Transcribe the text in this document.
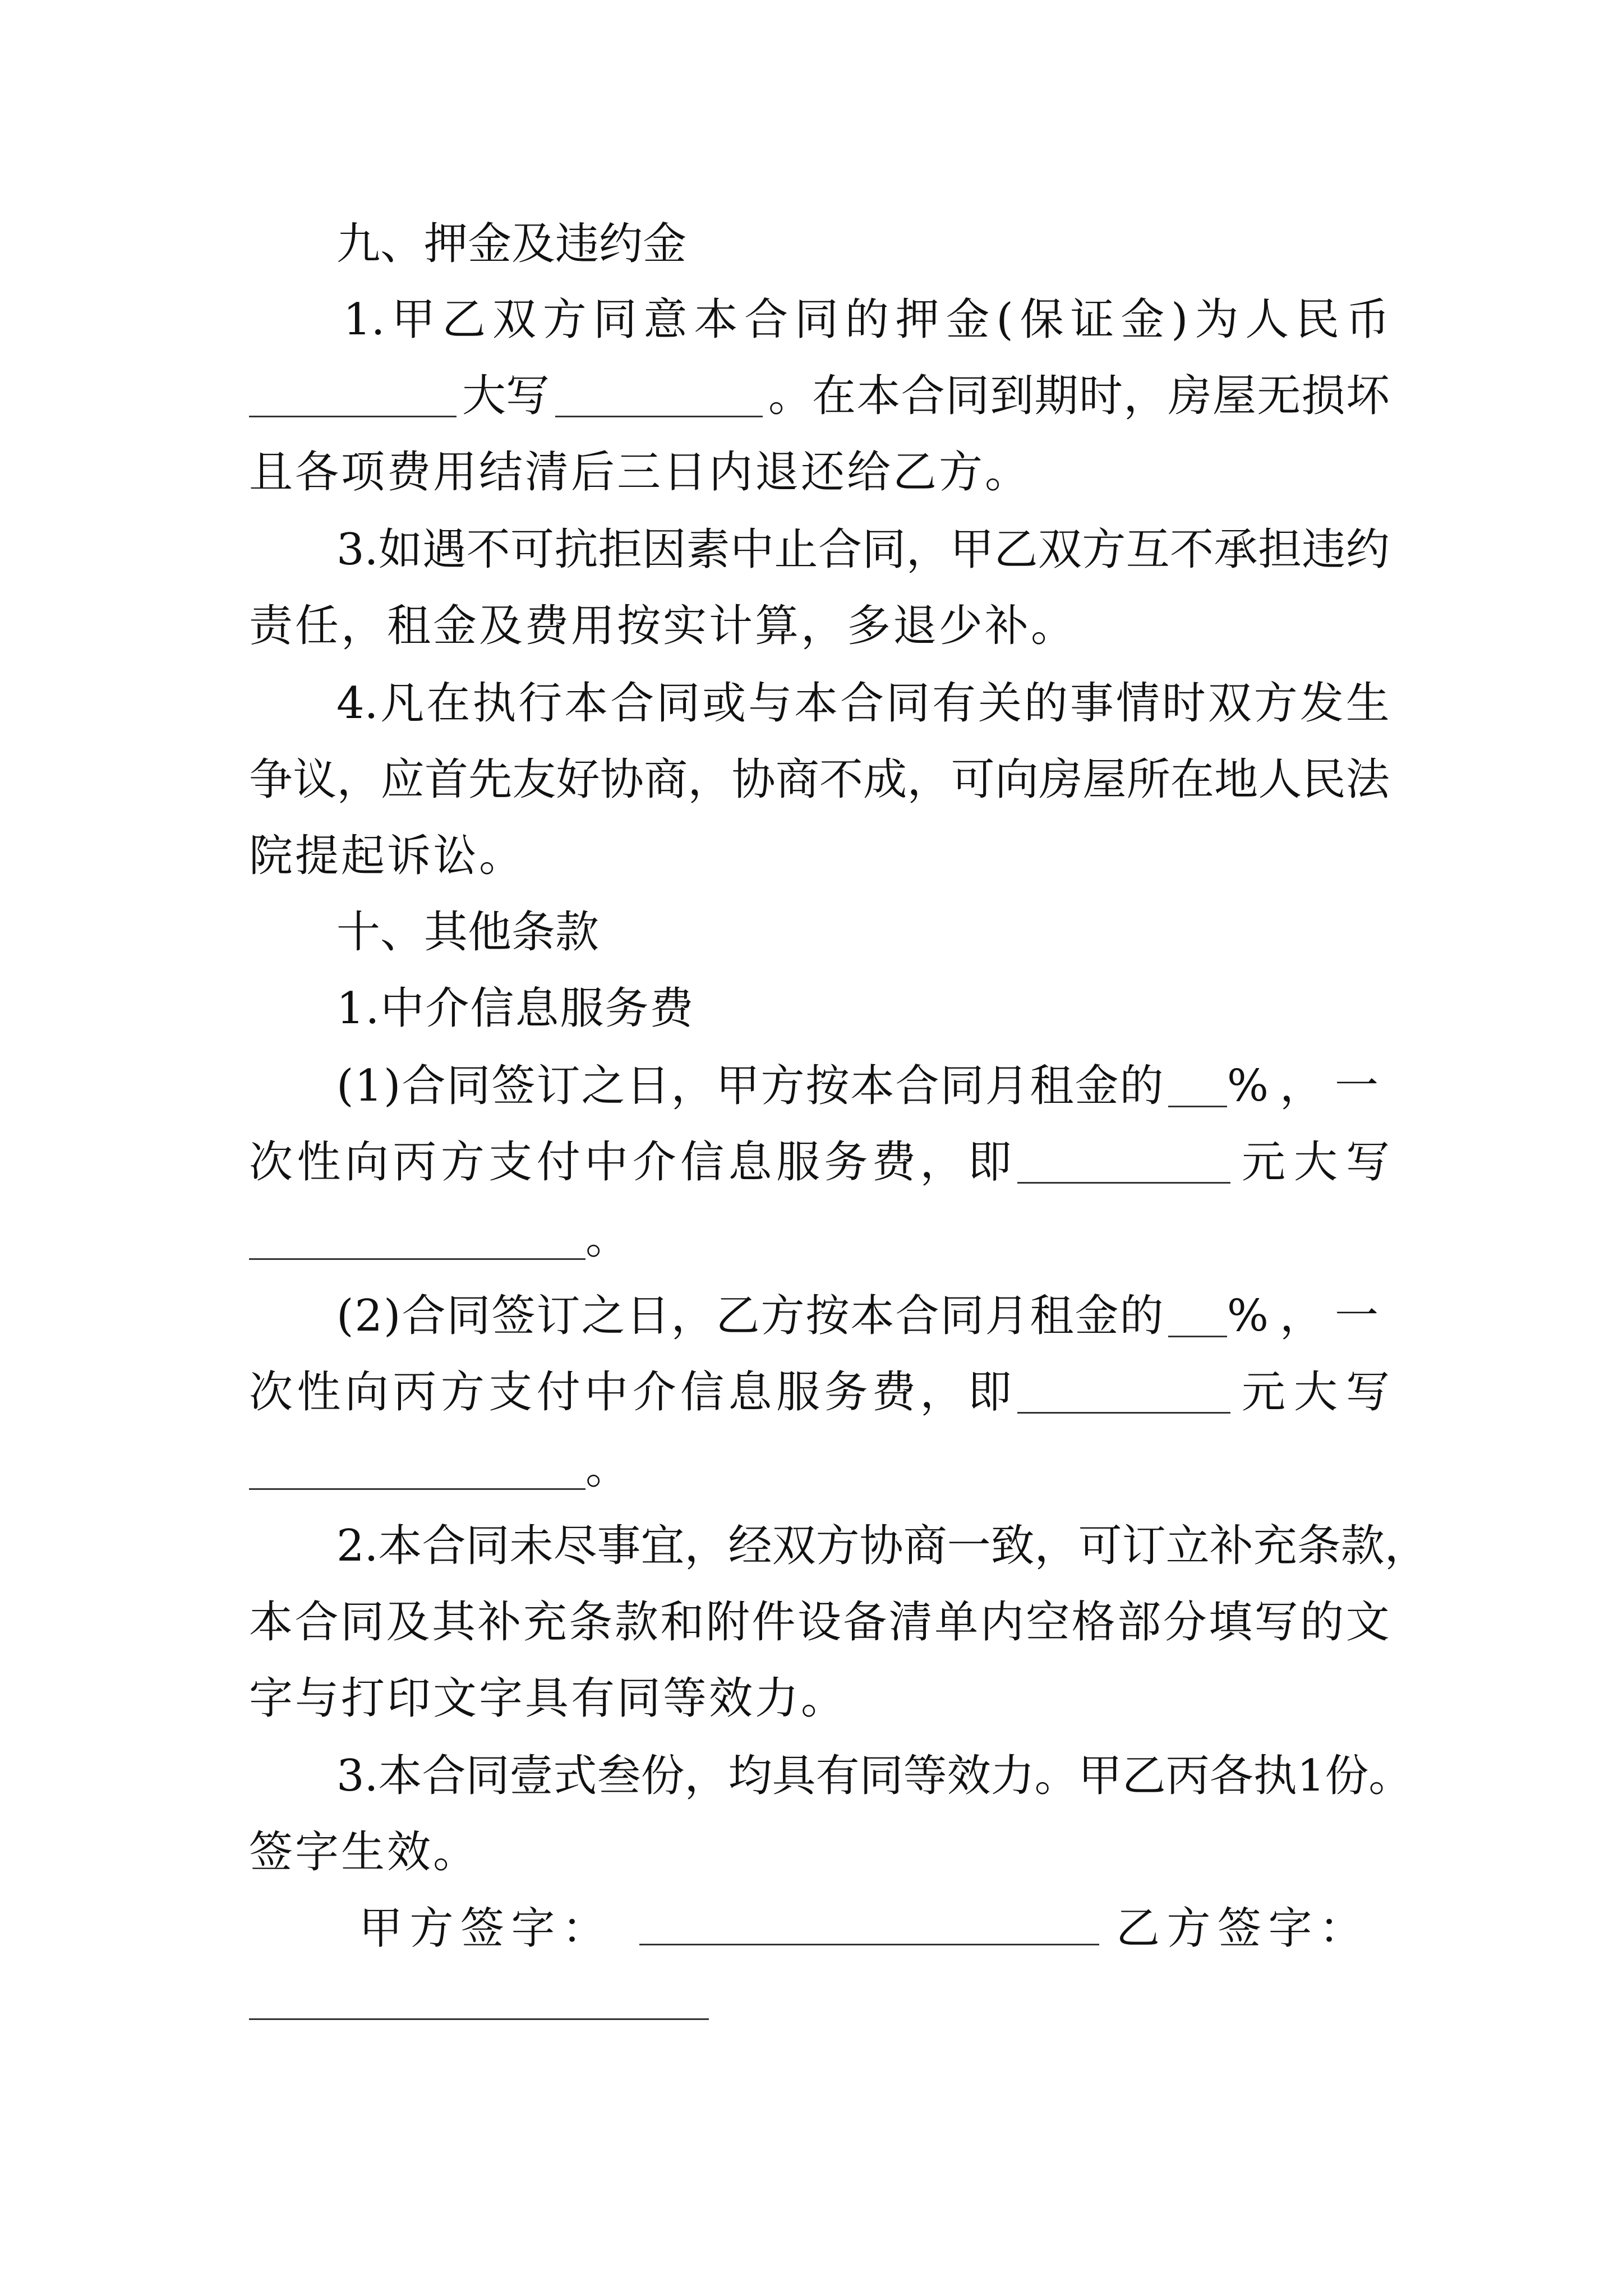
九、押金及违约金
1. 甲 乙 双 方 同 意 本 合 同 的 押 金 ( 保 证 金 ) 为 人 民 币
大写	。在 本 合 同 到 期 时 ， 房 屋 无 损 坏
且各项费用结清后三日内退还给乙方。
3. 如 遇 不 可 抗 拒 因 素 中 止 合 同 ， 甲 乙 双 方 互 不 承 担 违 约
责任，租金及费用按实计算，多退少补。
4. 凡 在 执 行 本 合 同 或 与 本 合 同 有 关 的 事 情 时 双 方 发 生
争 议 ， 应 首 先 友 好 协 商 ， 协 商 不 成 ， 可 向 房 屋 所 在 地 人 民 法
院提起诉讼。
十、其他条款
1.中介信息服务费
(1)合同签订之日，甲方按本合同月租金的 %，一
次 性 向 丙 方 支 付 中 介 信 息 服 务 费 ， 即	元 大 写
。
(2)合同签订之日，乙方按本合同月租金的 %，一
次 性 向 丙 方 支 付 中 介 信 息 服 务 费 ， 即	元 大 写
。
2. 本 合 同 未 尽 事 宜 ， 经 双 方 协 商 一 致 ， 可 订 立 补 充 条 款 ，
本 合 同 及 其 补 充 条 款 和 附 件 设 备 清 单 内 空 格 部 分 填 写 的 文
字与打印文字具有同等效力。
3. 本 合 同 壹 式 叁 份 ， 均 具 有 同 等 效 力 。 甲 乙 丙 各 执 1 份 。
签字生效。
甲 方 签 字 ：	乙 方 签 字 ：
